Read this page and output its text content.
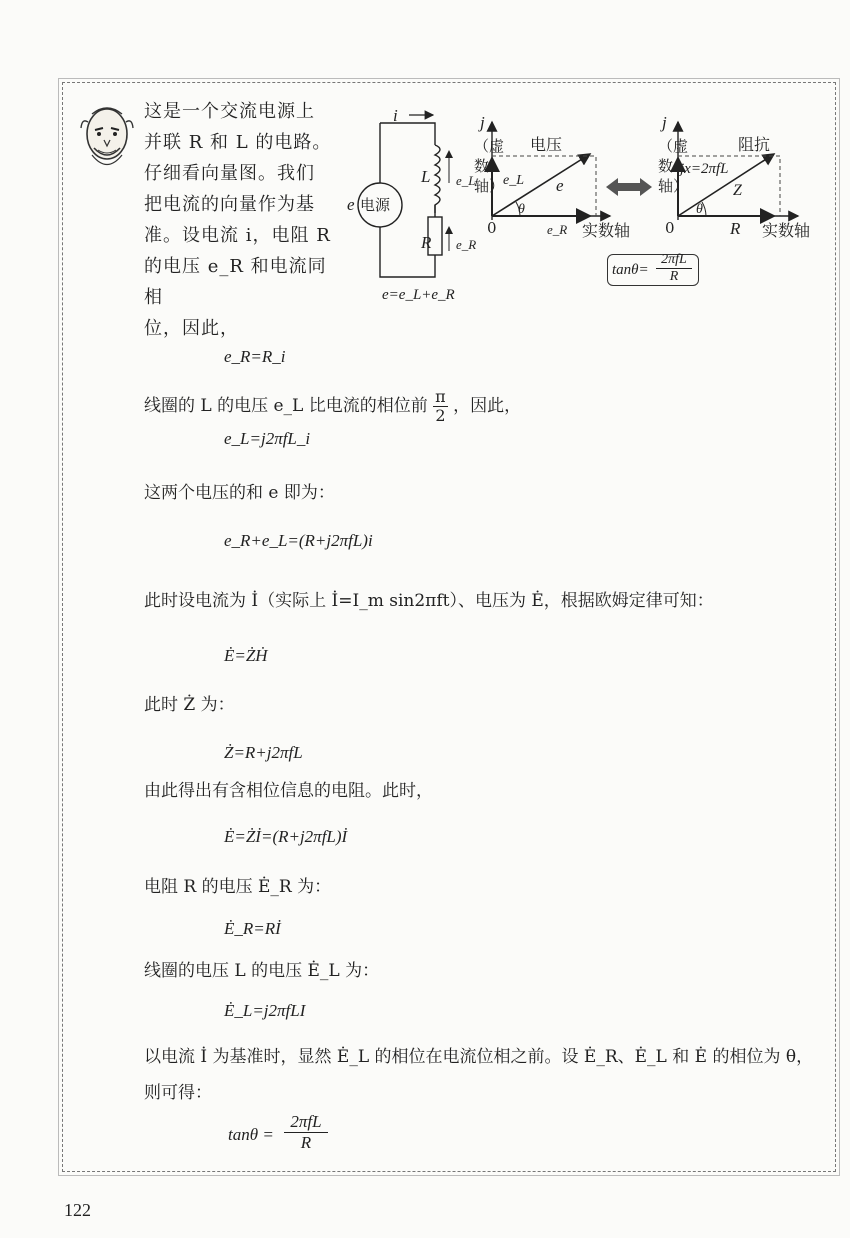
这是一个交流电源上
并联 R 和 L 的电路。
仔细看向量图。我们
把电流的向量作为基
准。设电流 i，电阻 R
的电压 e_R 和电流同相
位，因此，
i
e 电源
L e_L
R e_R
e=e_L+e_R
j
电压
（虚数轴）
e_L e
θ
0	e_R 实数轴
j
阻抗
（虚数轴）
jx=2πfL
Z
θ
0	R 实数轴
tanθ=
2πfL
R
e_R=R_i
线圈的 L 的电压 e_L 比电流的相位前 $\frac{\pi}{2}$ ，因此，
e_L=j2πfL_i
这两个电压的和 e 即为：
e_R+e_L=(R+j2πfL)i
此时设电流为 İ（实际上 İ=I_m sin2πft）、电压为 Ė，根据欧姆定律可知：
Ė=ŻḢ
此时 Ż 为：
Ż=R+j2πfL
由此得出有含相位信息的电阻。此时，
Ė=Żİ=(R+j2πfL)İ
电阻 R 的电压 Ė_R 为：
Ė_R=Rİ
线圈的电压 L 的电压 Ė_L 为：
Ė_L=j2πfLI
以电流 İ 为基准时，显然 Ė_L 的相位在电流位相之前。设 Ė_R、Ė_L 和 Ė 的相位为 θ，
则可得：
tanθ =
2πfL
R
122
